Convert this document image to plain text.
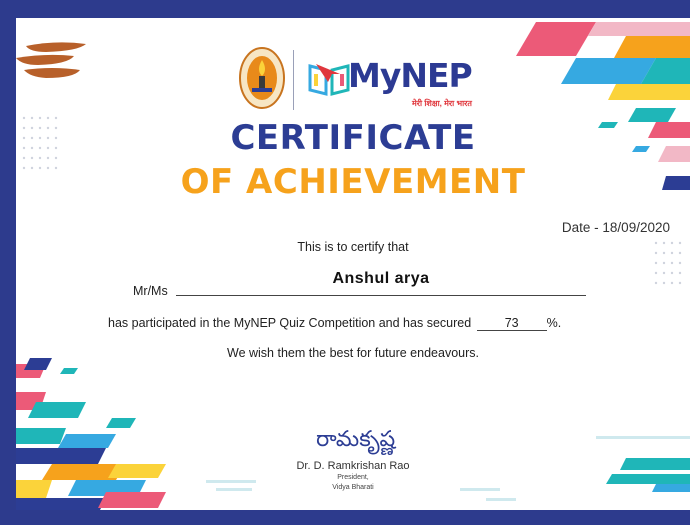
MyNEP
मेरी शिक्षा, मेरा भारत
CERTIFICATE
OF ACHIEVEMENT
Date - 18/09/2020
This is to certify that
Mr/Ms
Anshul arya
has participated in the MyNEP Quiz Competition and has secured	73 %.
We wish them the best for future endeavours.
రామకృష్ణ
Dr. D. Ramkrishan Rao
President,
Vidya Bharati
